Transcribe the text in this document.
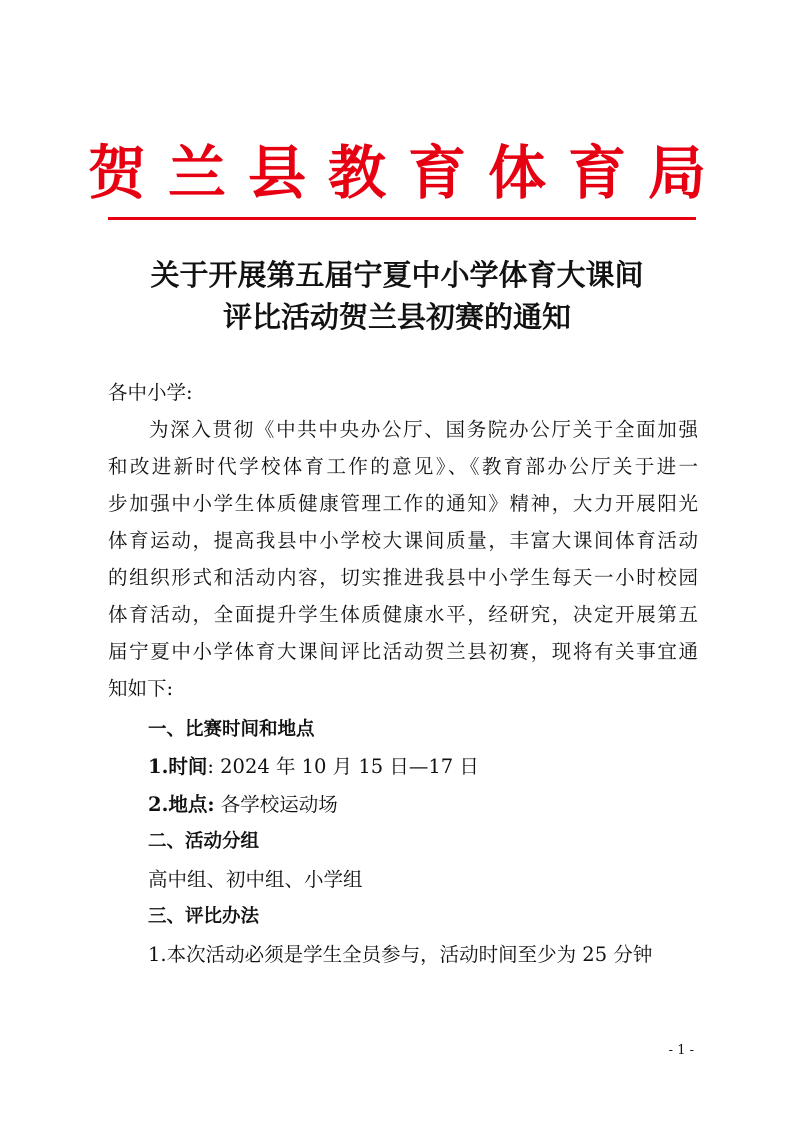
贺兰县教育体育局
关于开展第五届宁夏中小学体育大课间
评比活动贺兰县初赛的通知
各中小学:
为深入贯彻《中共中央办公厅、国务院办公厅关于全面加强
和改进新时代学校体育工作的意见》、《教育部办公厅关于进一
步加强中小学生体质健康管理工作的通知》精神，大力开展阳光
体育运动，提高我县中小学校大课间质量，丰富大课间体育活动
的组织形式和活动内容，切实推进我县中小学生每天一小时校园
体育活动，全面提升学生体质健康水平，经研究，决定开展第五
届宁夏中小学体育大课间评比活动贺兰县初赛，现将有关事宜通
知如下:
一、比赛时间和地点
1.时间: 2024 年 10 月 15 日—17 日
2.地点: 各学校运动场
二、活动分组
高中组、初中组、小学组
三、评比办法
1.本次活动必须是学生全员参与，活动时间至少为 25 分钟
- 1 -
